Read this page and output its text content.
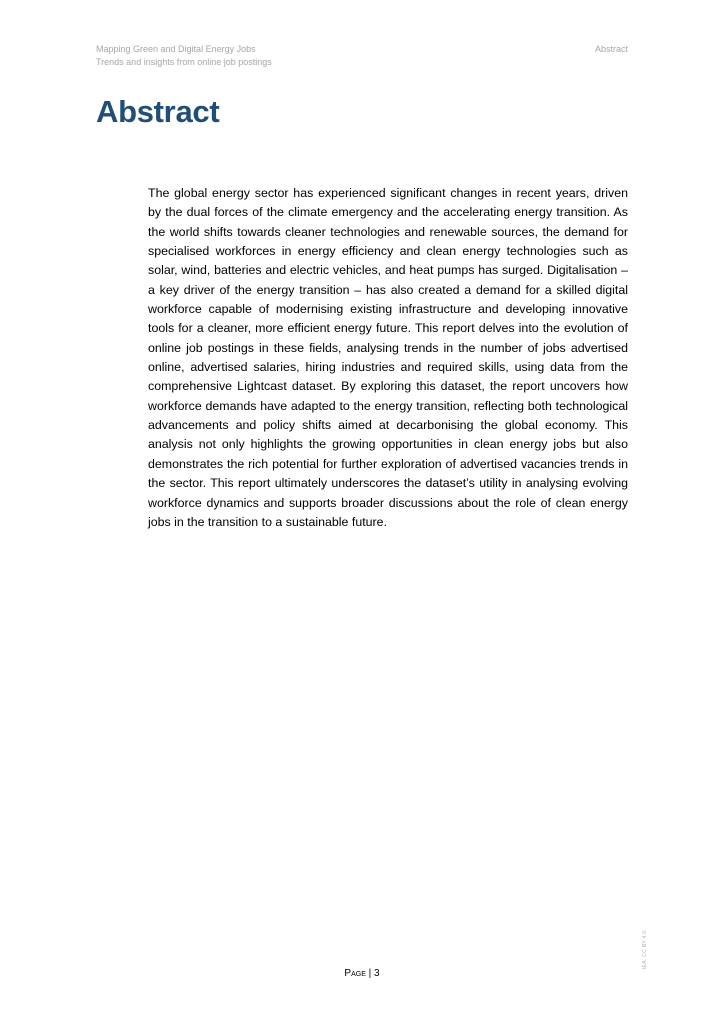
Mapping Green and Digital Energy Jobs
Trends and insights from online job postings
Abstract
Abstract

The global energy sector has experienced significant changes in recent years, driven by the dual forces of the climate emergency and the accelerating energy transition. As the world shifts towards cleaner technologies and renewable sources, the demand for specialised workforces in energy efficiency and clean energy technologies such as solar, wind, batteries and electric vehicles, and heat pumps has surged. Digitalisation – a key driver of the energy transition – has also created a demand for a skilled digital workforce capable of modernising existing infrastructure and developing innovative tools for a cleaner, more efficient energy future. This report delves into the evolution of online job postings in these fields, analysing trends in the number of jobs advertised online, advertised salaries, hiring industries and required skills, using data from the comprehensive Lightcast dataset. By exploring this dataset, the report uncovers how workforce demands have adapted to the energy transition, reflecting both technological advancements and policy shifts aimed at decarbonising the global economy. This analysis not only highlights the growing opportunities in clean energy jobs but also demonstrates the rich potential for further exploration of advertised vacancies trends in the sector. This report ultimately underscores the dataset’s utility in analysing evolving workforce dynamics and supports broader discussions about the role of clean energy jobs in the transition to a sustainable future.

IEA. CC BY 4.0.
Page | 3
